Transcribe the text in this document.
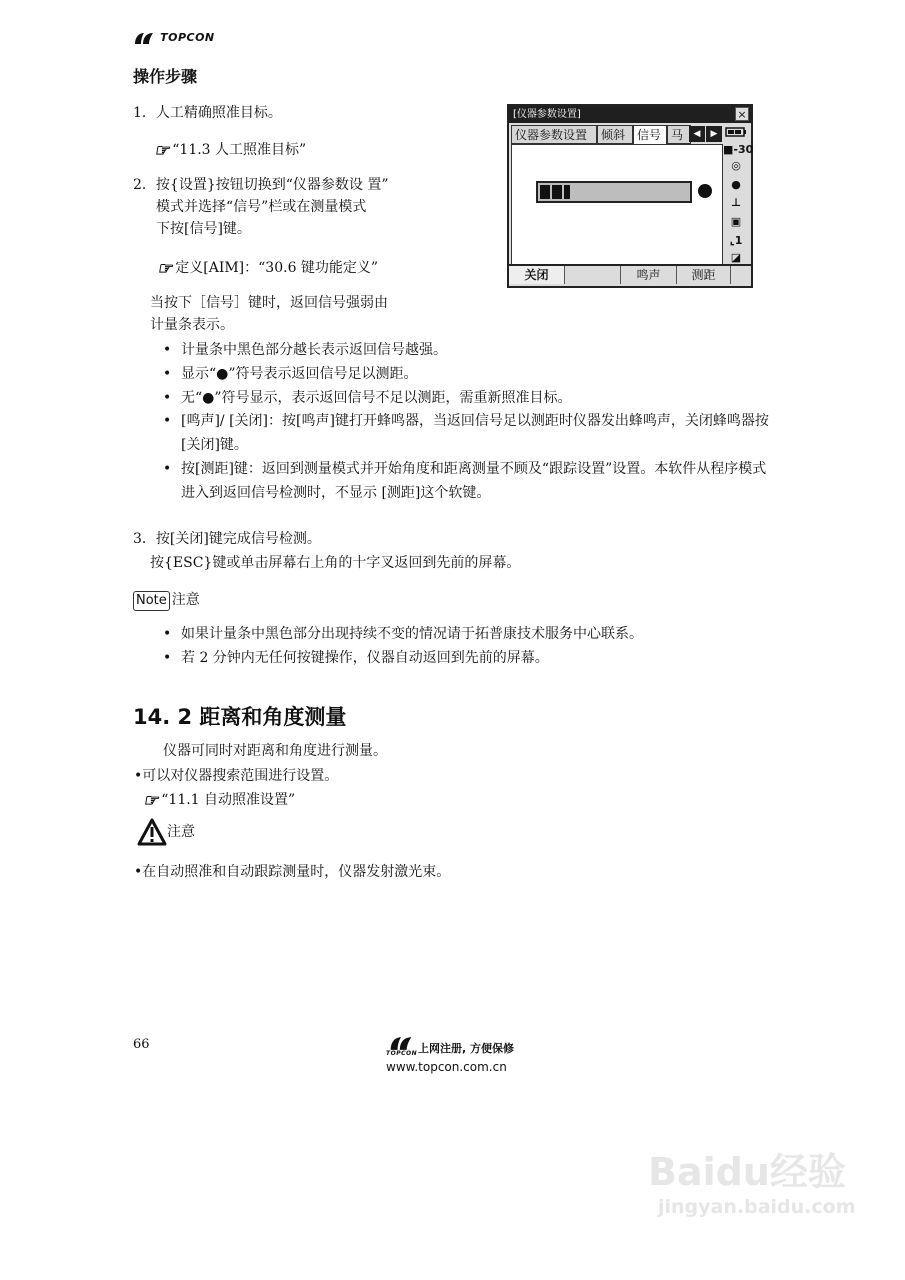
TOPCON
操作步骤
1．人工精确照准目标。
☞ “11.3 人工照准目标”
2．按{设置}按钮切换到“仪器参数设 置”
模式并选择“信号”栏或在测量模式
下按[信号]键。
☞ 定义[AIM]：“30.6 键功能定义”
当按下［信号］键时，返回信号强弱由
计量条表示。
• 计量条中黑色部分越长表示返回信号越强。
• 显示“●”符号表示返回信号足以测距。
• 无“●”符号显示，表示返回信号不足以测距，需重新照准目标。
• [鸣声]/ [关闭]：按[鸣声]键打开蜂鸣器，当返回信号足以测距时仪器发出蜂鸣声，关闭蜂鸣器按[关闭]键。
• 按[测距]键：返回到测量模式并开始角度和距离测量不顾及“跟踪设置”设置。本软件从程序模式进入到返回信号检测时，不显示 [测距]这个软键。
3．按[关闭]键完成信号检测。
按{ESC}键或单击屏幕右上角的十字叉返回到先前的屏幕。
Note 注意
• 如果计量条中黑色部分出现持续不变的情况请于拓普康技术服务中心联系。
• 若 2 分钟内无任何按键操作，仪器自动返回到先前的屏幕。
14. 2 距离和角度测量
仪器可同时对距离和角度进行测量。
•可以对仪器搜索范围进行设置。
☞ “11.1 自动照准设置”
注意
•在自动照准和自动跟踪测量时，仪器发射激光束。
[仪器参数设置]	×
仪器参数设置	倾斜 信号 马	◀	▶
■-30
◎
●
⊥
▣
⌞1
◪
关闭	鸣声	测距
66
TOPCON 上网注册, 方便保修
www.topcon.com.cn
Baidu经验
jingyan.baidu.com
